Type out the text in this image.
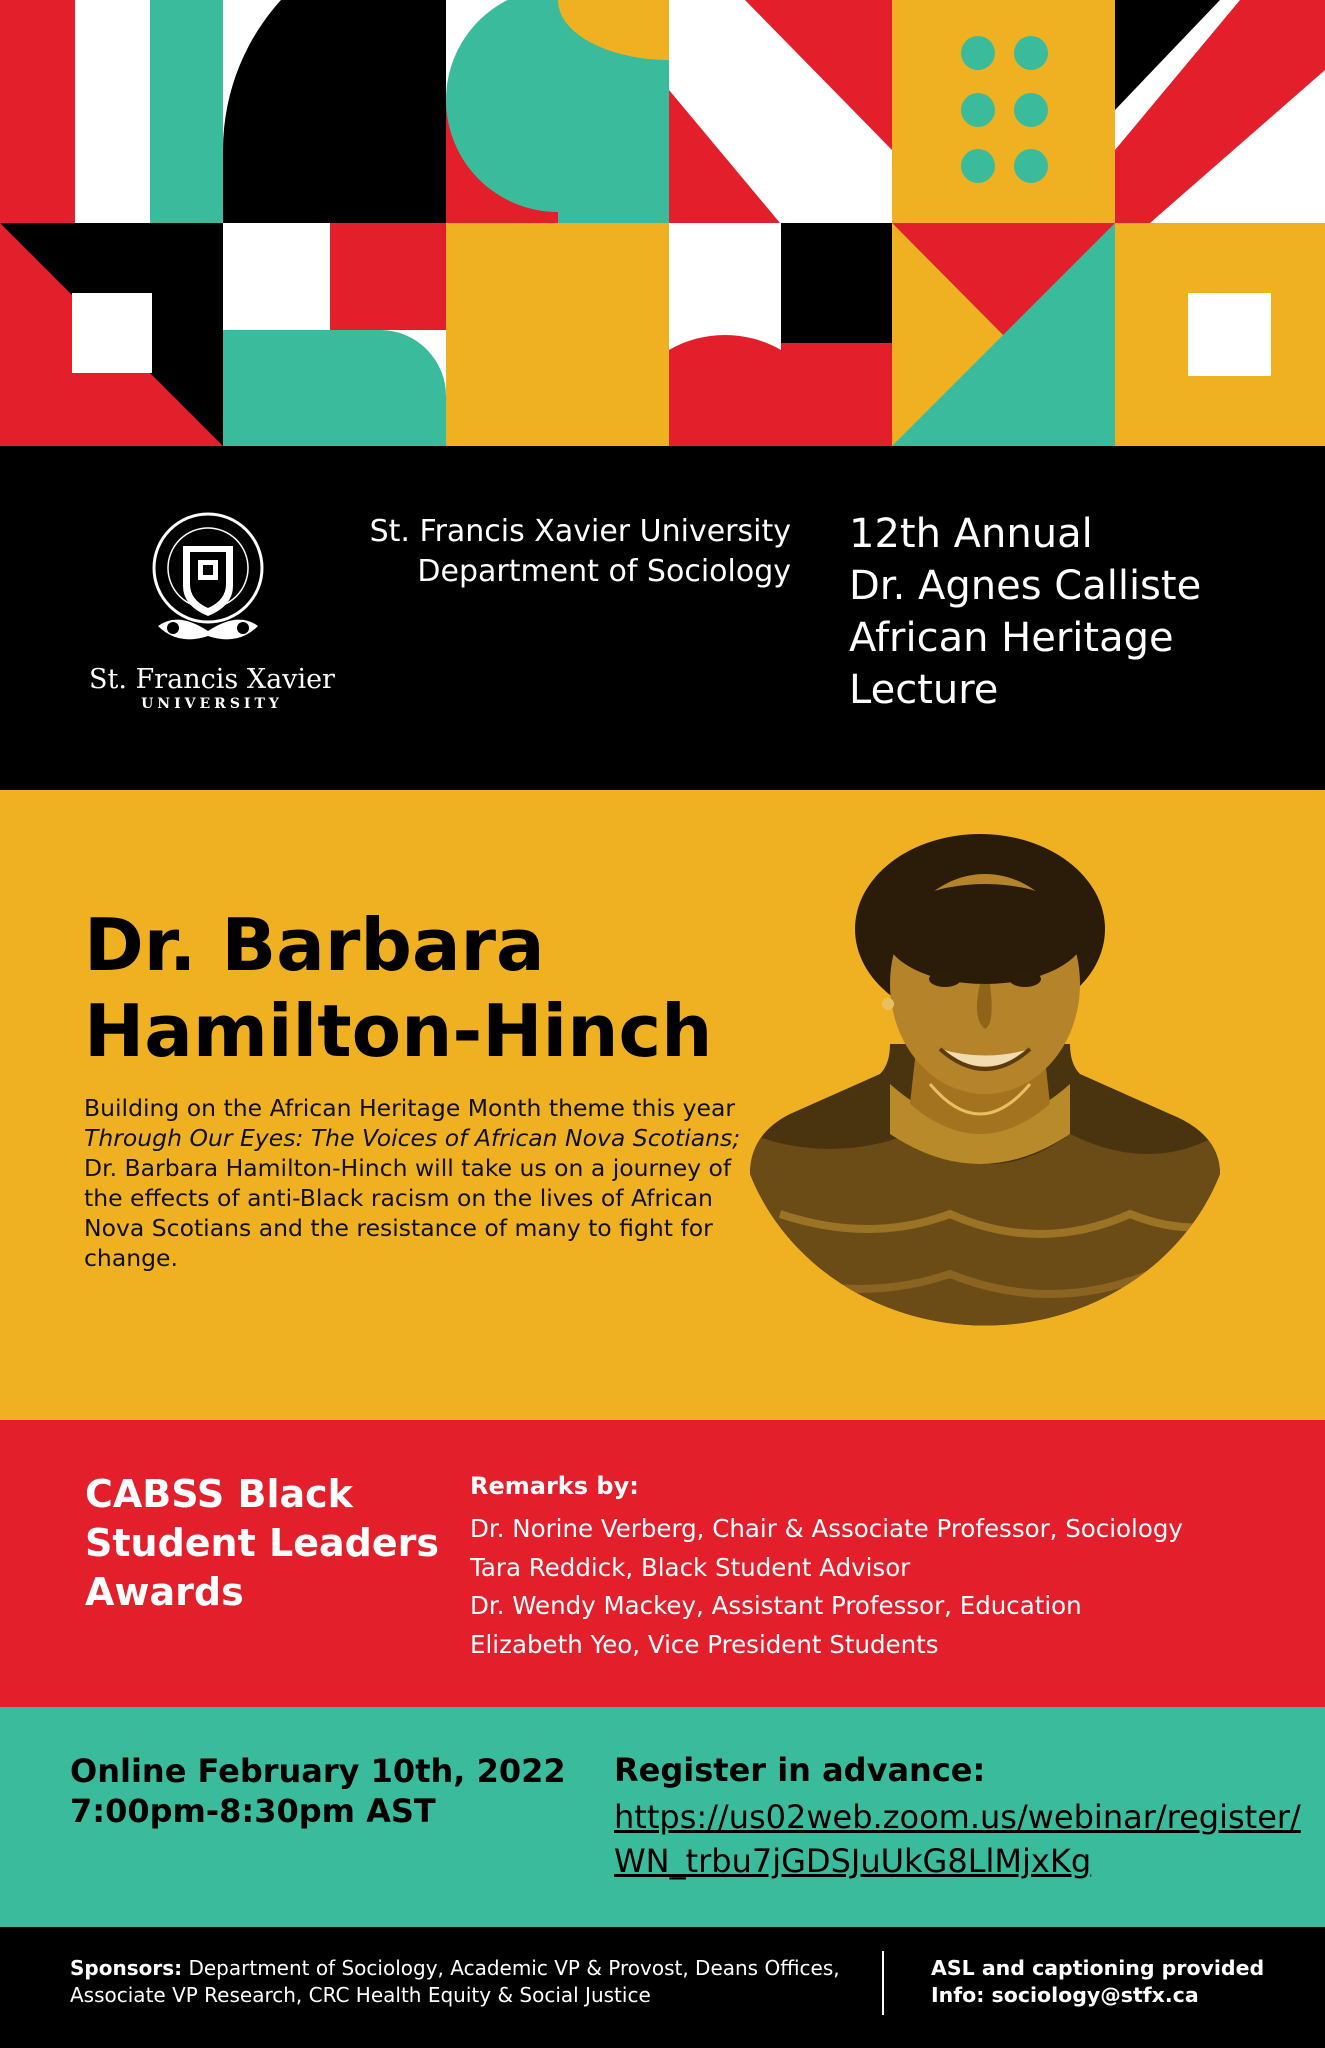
St. Francis Xavier
UNIVERSITY
St. Francis Xavier University
Department of Sociology
12th Annual
Dr. Agnes Calliste
African Heritage
Lecture
Dr. Barbara
Hamilton-Hinch
Building on the African Heritage Month theme this year Through Our Eyes: The Voices of African Nova Scotians; Dr. Barbara Hamilton-Hinch will take us on a journey of the effects of anti-Black racism on the lives of African Nova Scotians and the resistance of many to fight for change.
CABSS Black
Student Leaders
Awards
Remarks by:
Dr. Norine Verberg, Chair & Associate Professor, Sociology
Tara Reddick, Black Student Advisor
Dr. Wendy Mackey, Assistant Professor, Education
Elizabeth Yeo, Vice President Students
Online February 10th, 2022
7:00pm-8:30pm AST
Register in advance:
https://us02web.zoom.us/webinar/register/WN_trbu7jGDSJuUkG8LlMjxKg
Sponsors: Department of Sociology, Academic VP & Provost, Deans Offices, Associate VP Research, CRC Health Equity & Social Justice
ASL and captioning provided
Info: sociology@stfx.ca
